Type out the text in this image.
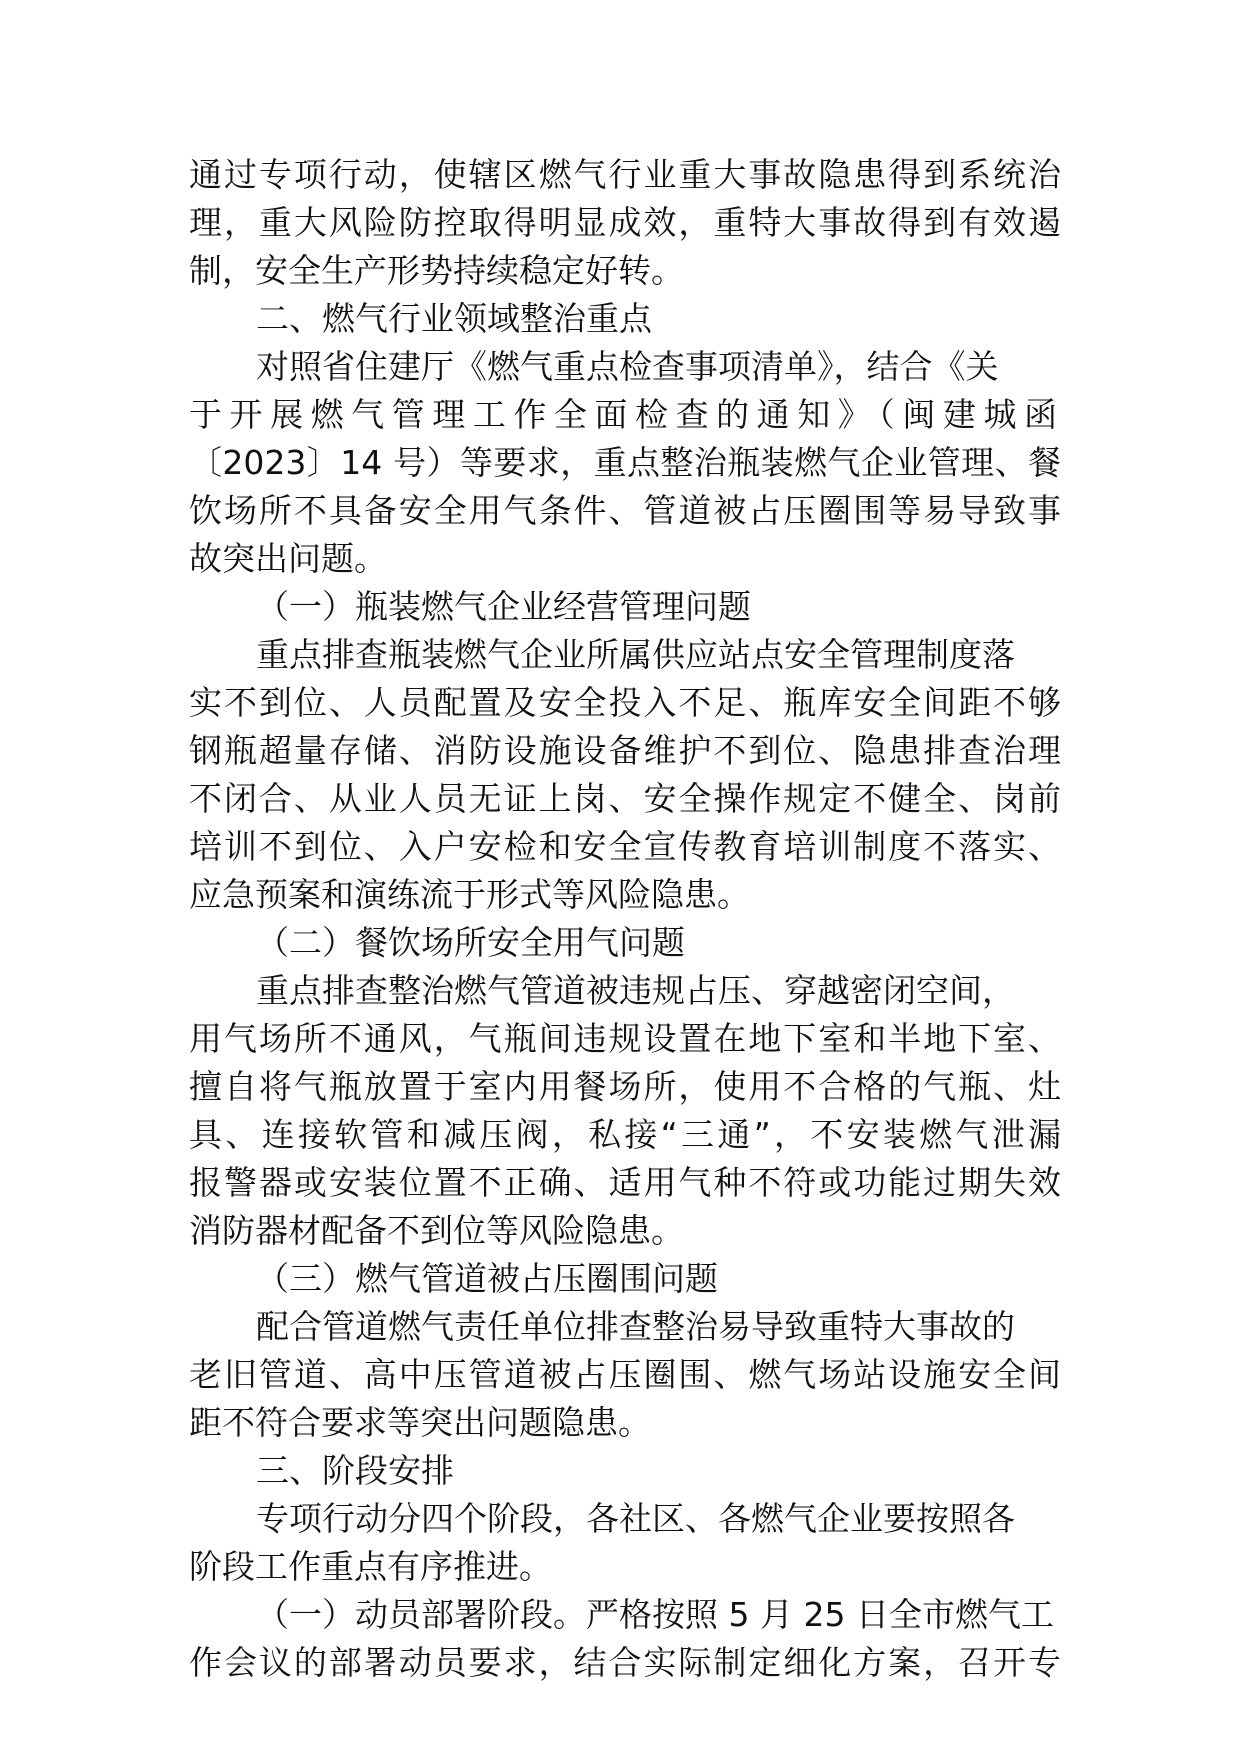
通过专项行动，使辖区燃气行业重大事故隐患得到系统治
理，重大风险防控取得明显成效，重特大事故得到有效遏
制，安全生产形势持续稳定好转。
二、燃气行业领域整治重点
对照省住建厅《燃气重点检查事项清单》，结合《关
于开展燃气管理工作全面检查的通知》（闽建城函
〔2023〕14 号）等要求，重点整治瓶装燃气企业管理、餐
饮场所不具备安全用气条件、管道被占压圈围等易导致事
故突出问题。
（一）瓶装燃气企业经营管理问题
重点排查瓶装燃气企业所属供应站点安全管理制度落
实不到位、人员配置及安全投入不足、瓶库安全间距不够
钢瓶超量存储、消防设施设备维护不到位、隐患排查治理
不闭合、从业人员无证上岗、安全操作规定不健全、岗前
培训不到位、入户安检和安全宣传教育培训制度不落实、
应急预案和演练流于形式等风险隐患。
（二）餐饮场所安全用气问题
重点排查整治燃气管道被违规占压、穿越密闭空间，
用气场所不通风，气瓶间违规设置在地下室和半地下室、
擅自将气瓶放置于室内用餐场所，使用不合格的气瓶、灶
具、连接软管和减压阀，私接“三通”，不安装燃气泄漏
报警器或安装位置不正确、适用气种不符或功能过期失效
消防器材配备不到位等风险隐患。
（三）燃气管道被占压圈围问题
配合管道燃气责任单位排查整治易导致重特大事故的
老旧管道、高中压管道被占压圈围、燃气场站设施安全间
距不符合要求等突出问题隐患。
三、阶段安排
专项行动分四个阶段，各社区、各燃气企业要按照各
阶段工作重点有序推进。
（一）动员部署阶段。严格按照 5 月 25 日全市燃气工
作会议的部署动员要求，结合实际制定细化方案，召开专
